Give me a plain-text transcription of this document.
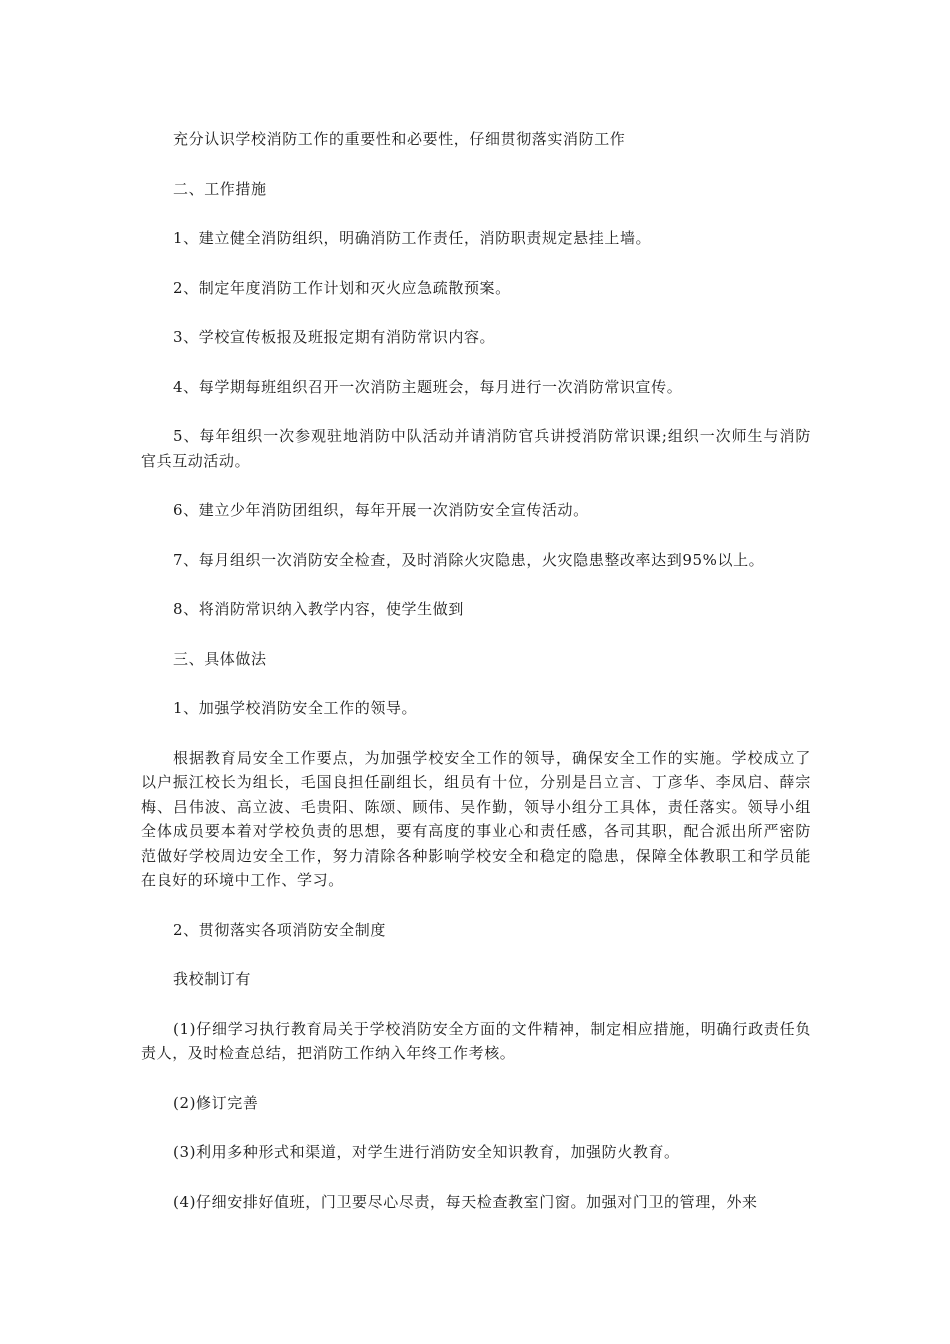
充分认识学校消防工作的重要性和必要性，仔细贯彻落实消防工作

二、工作措施

1、建立健全消防组织，明确消防工作责任，消防职责规定悬挂上墙。

2、制定年度消防工作计划和灭火应急疏散预案。

3、学校宣传板报及班报定期有消防常识内容。

4、每学期每班组织召开一次消防主题班会，每月进行一次消防常识宣传。

5、每年组织一次参观驻地消防中队活动并请消防官兵讲授消防常识课;组织一次师生与消防官兵互动活动。

6、建立少年消防团组织，每年开展一次消防安全宣传活动。

7、每月组织一次消防安全检查，及时消除火灾隐患，火灾隐患整改率达到95%以上。

8、将消防常识纳入教学内容，使学生做到

三、具体做法

1、加强学校消防安全工作的领导。

根据教育局安全工作要点，为加强学校安全工作的领导，确保安全工作的实施。学校成立了以户振江校长为组长，毛国良担任副组长，组员有十位，分别是吕立言、丁彦华、李凤启、薛宗梅、吕伟波、高立波、毛贵阳、陈颂、顾伟、吴作勤，领导小组分工具体，责任落实。领导小组全体成员要本着对学校负责的思想，要有高度的事业心和责任感，各司其职，配合派出所严密防范做好学校周边安全工作，努力清除各种影响学校安全和稳定的隐患，保障全体教职工和学员能在良好的环境中工作、学习。

2、贯彻落实各项消防安全制度

我校制订有

(1)仔细学习执行教育局关于学校消防安全方面的文件精神，制定相应措施，明确行政责任负责人，及时检查总结，把消防工作纳入年终工作考核。

(2)修订完善

(3)利用多种形式和渠道，对学生进行消防安全知识教育，加强防火教育。

(4)仔细安排好值班，门卫要尽心尽责，每天检查教室门窗。加强对门卫的管理，外来
